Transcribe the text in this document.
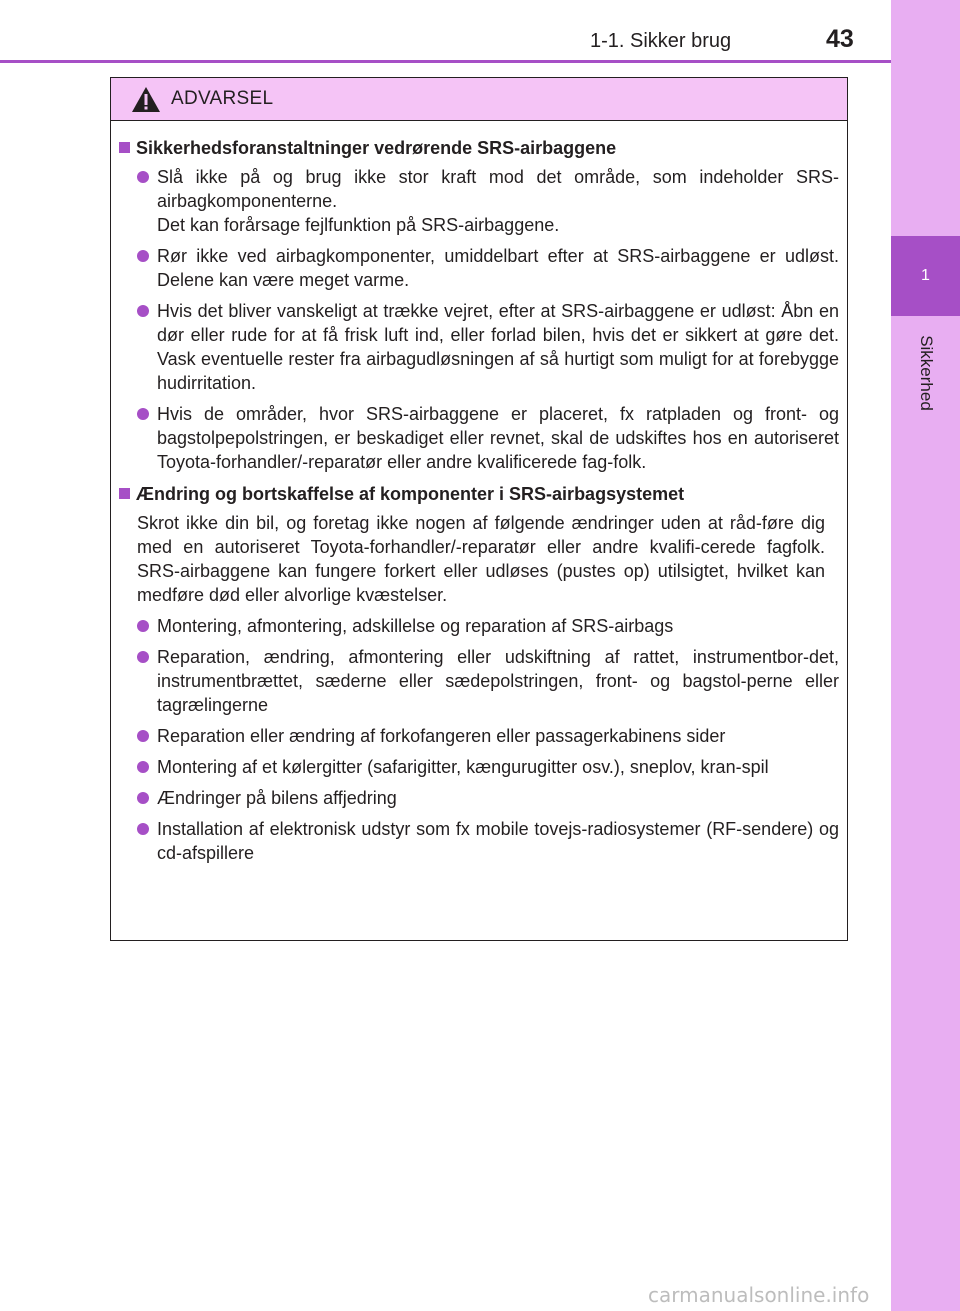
1
Sikkerhed
1-1. Sikker brug	43
ADVARSEL
Sikkerhedsforanstaltninger vedrørende SRS-airbaggene
Slå ikke på og brug ikke stor kraft mod det område, som indeholder SRS-airbagkomponenterne.
Det kan forårsage fejlfunktion på SRS-airbaggene.
Rør ikke ved airbagkomponenter, umiddelbart efter at SRS-airbaggene er udløst. Delene kan være meget varme.
Hvis det bliver vanskeligt at trække vejret, efter at SRS-airbaggene er udløst: Åbn en dør eller rude for at få frisk luft ind, eller forlad bilen, hvis det er sikkert at gøre det. Vask eventuelle rester fra airbagudløsningen af så hurtigt som muligt for at forebygge hudirritation.
Hvis de områder, hvor SRS-airbaggene er placeret, fx ratpladen og front- og bagstolpepolstringen, er beskadiget eller revnet, skal de udskiftes hos en autoriseret Toyota-forhandler/-reparatør eller andre kvalificerede fag-folk.
Ændring og bortskaffelse af komponenter i SRS-airbagsystemet
Skrot ikke din bil, og foretag ikke nogen af følgende ændringer uden at råd-føre dig med en autoriseret Toyota-forhandler/-reparatør eller andre kvalifi-cerede fagfolk. SRS-airbaggene kan fungere forkert eller udløses (pustes op) utilsigtet, hvilket kan medføre død eller alvorlige kvæstelser.
Montering, afmontering, adskillelse og reparation af SRS-airbags
Reparation, ændring, afmontering eller udskiftning af rattet, instrumentbor-det, instrumentbrættet, sæderne eller sædepolstringen, front- og bagstol-perne eller tagrælingerne
Reparation eller ændring af forkofangeren eller passagerkabinens sider
Montering af et kølergitter (safarigitter, kængurugitter osv.), sneplov, kran-spil
Ændringer på bilens affjedring
Installation af elektronisk udstyr som fx mobile tovejs-radiosystemer (RF-sendere) og cd-afspillere
carmanualsonline.info
